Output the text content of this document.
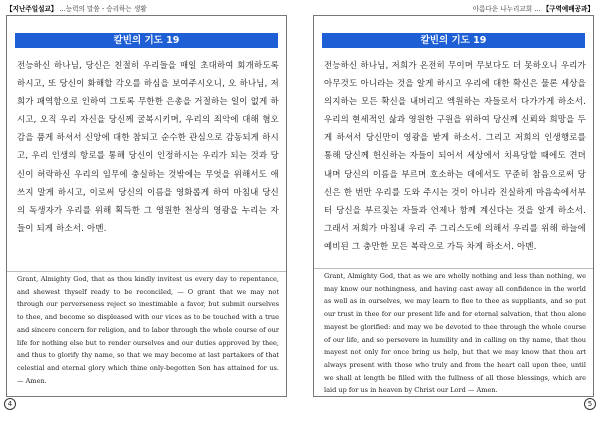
【지난주일설교】 ...능력의 말씀 - 승리하는 생활	아름다운 나누리교회 ... 【구역예배공과】
칼빈의 기도 19
전능하신 하나님, 당신은 친절히 우리들을 매일 초대하여 회개하도록 하시고, 또 당신이 화해할 각오를 하심을 보여주시오니, 오 하나님, 저희가 패역함으로 인하여 그토록 무한한 은총을 거절하는 일이 없게 하시고, 오직 우리 자신을 당신께 굴복시키며, 우리의 죄악에 대해 혐오감을 품게 하셔서 신앙에 대한 참되고 순수한 관심으로 감동되게 하시고, 우리 인생의 항로를 통해 당신이 인정하시는 우리가 되는 것과 당신이 허락하신 우리의 임무에 충실하는 것밖에는 무엇을 위해서도 애쓰지 말게 하시고, 이로써 당신의 이름을 영화롭게 하여 마침내 당신의 독생자가 우리를 위해 획득한 그 영원한 천상의 영광을 누리는 자들이 되게 하소서. 아멘.
Grant, Almighty God, that as thou kindly invitest us every day to repentance, and shewest thyself ready to be reconciled, — O grant that we may not through our perverseness reject so inestimable a favor, but submit ourselves to thee, and become so displeased with our vices as to be touched with a true and sincere concern for religion, and to labor through the whole course of our life for nothing else but to render ourselves and our duties approved by thee, and thus to glorify thy name, so that we may become at last partakers of that celestial and eternal glory which thine only-begotten Son has attained for us. — Amen.
칼빈의 기도 19
전능하신 하나님, 저희가 온전히 무이며 무보다도 더 못하오니 우리가 아무것도 아니라는 것을 알게 하시고 우리에 대한 확신은 물론 세상을 의지하는 모든 확신을 내버리고 엑원하는 자들로서 다가가게 하소서. 우리의 현세적인 삶과 영원한 구원을 위하여 당신께 신뢰와 희망을 두게 하셔서 당신만이 영광을 받게 하소서. 그리고 저희의 인생행로를 통해 당신께 헌신하는 자들이 되어서 세상에서 치욕당할 때에도 견뎌내며 당신의 이름을 부르며 호소하는 데에서도 꾸준히 참음으로써 당신은 한 번만 우리를 도와 주시는 것이 아니라 진실하게 마음속에서부터 당신을 부르짖는 자들과 언제나 함께 계신다는 것을 알게 하소서. 그래서 저희가 마침내 우리 주 그리스도에 의해서 우리를 위해 하늘에 예비된 그 충만한 모든 복락으로 가득 차게 하소서. 아멘.
Grant, Almighty God, that as we are wholly nothing and less than nothing, we may know our nothingness, and having cast away all confidence in the world as well as in ourselves, we may learn to flee to thee as suppliants, and so put our trust in thee for our present life and for eternal salvation, that thou alone mayest be glorified: and may we be devoted to thee through the whole course of our life, and so persevere in humility and in calling on thy name, that thou mayest not only for once bring us help, but that we may know that thou art always present with those who truly and from the heart call upon thee, until we shall at length be filled with the fullness of all those blessings, which are laid up for us in heaven by Christ our Lord — Amen.
4	5
